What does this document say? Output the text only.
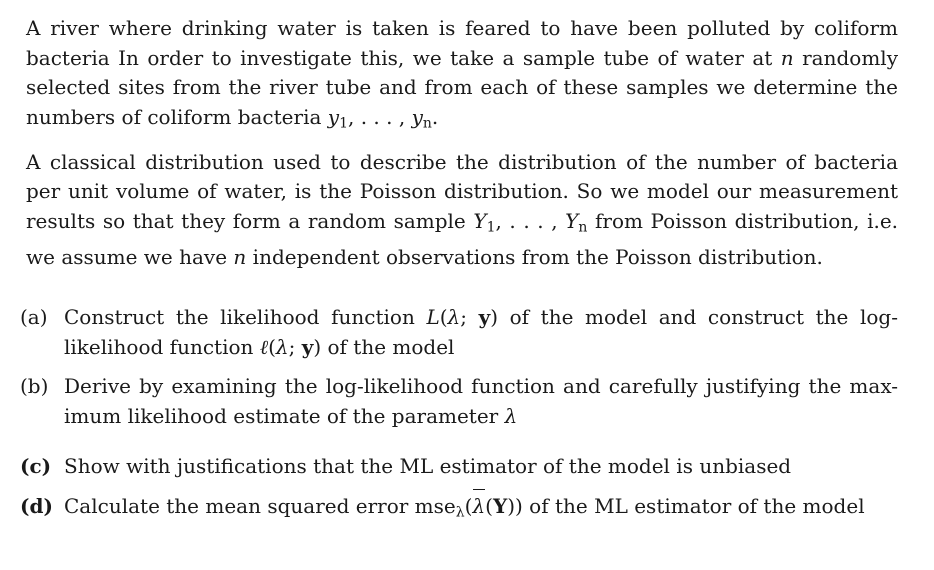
A river where drinking water is taken is feared to have been polluted by coliform bacteria In order to investigate this, we take a sample tube of water at n randomly selected sites from the river tube and from each of these samples we determine the numbers of coliform bacteria $y_1$, . . . , $y_n$.

A classical distribution used to describe the distribution of the number of bacteria per unit volume of water, is the Poisson distribution. So we model our measurement results so that they form a random sample $Y_1$, . . . , $Y_n$ from Poisson distribution, i.e. we assume we have n independent observations from the Poisson distribution.

(a) Construct the likelihood function L(λ; y) of the model and construct the log-likelihood function ℓ(λ; y) of the model

(b) Derive by examining the log-likelihood function and carefully justifying the max-imum likelihood estimate of the parameter λ

(c) Show with justifications that the ML estimator of the model is unbiased

(d) Calculate the mean squared error mse$_\lambda$(λ(Y)) of the ML estimator of the model
